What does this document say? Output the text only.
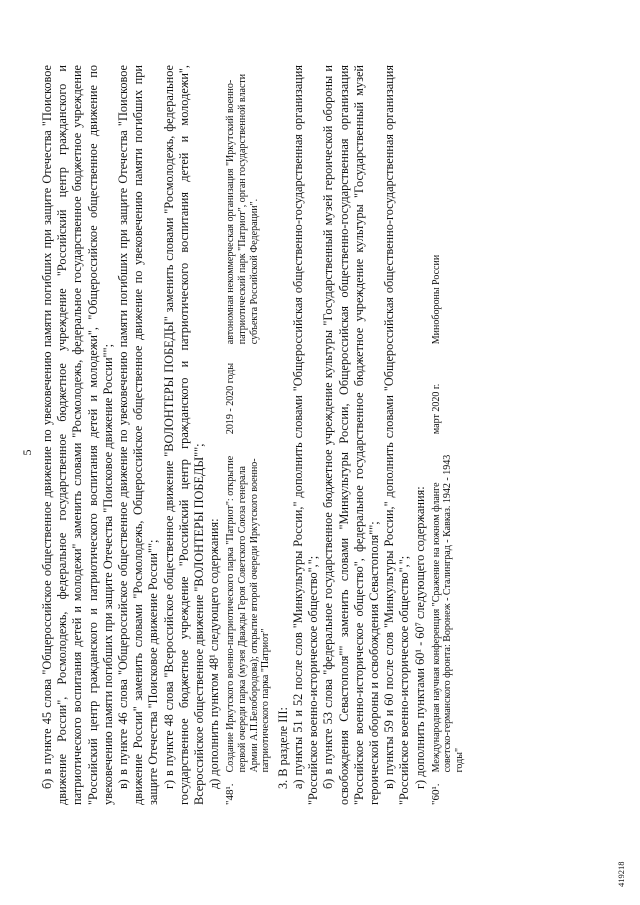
5 б) в пункте 45 слова "Общероссийское общественное движение по увековечению памяти погибших при защите Отечества "Поисковое движение России", Росмолодежь, федеральное государственное бюджетное учреждение "Российский центр гражданского и патриотического воспитания детей и молодежи" заменить словами "Росмолодежь, федеральное государственное бюджетное учреждение "Российский центр гражданского и патриотического воспитания детей и молодежи", "Общероссийское общественное движение по увековечению памяти погибших при защите Отечества "Поисковое движение России""; в) в пункте 46 слова "Общероссийское общественное движение по увековечению памяти погибших при защите Отечества "Поисковое движение России" заменить словами "Росмолодежь, Общероссийское общественное движение по увековечению памяти погибших при защите Отечества "Поисковое движение России""; г) в пункте 48 слова "Всероссийское общественное движение "ВОЛОНТЕРЫ ПОБЕДЫ" заменить словами "Росмолодежь, федеральное государственное бюджетное учреждение "Российский центр гражданского и патриотического воспитания детей и молодежи", Всероссийское общественное движение "ВОЛОНТЕРЫ ПОБЕДЫ""; д) дополнить пунктом 48¹ следующего содержания:

"48¹.	Создание Иркутского военно-патриотического парка "Патриот": открытие первой очереди парка (музея Дважды Героя Советского Союза генерала Армии А.П.Белобородова); открытие второй очереди Иркутского военно-патриотического парка "Патриот"	2019 - 2020 годы	автономная некоммерческая организация "Иркутский военно-патриотический парк "Патриот", орган государственной власти субъекта Российской Федерации".

3. В разделе III: а) пункты 51 и 52 после слов "Минкультуры России," дополнить словами "Общероссийская общественно-государственная организация "Российское военно-историческое общество","; б) в пункте 53 слова "федеральное государственное бюджетное учреждение культуры "Государственный музей героической обороны и освобождения Севастополя"" заменить словами "Минкультуры России, Общероссийская общественно-государственная организация "Российское военно-историческое общество", федеральное государственное бюджетное учреждение культуры "Государственный музей героической обороны и освобождения Севастополя""; в) пункты 59 и 60 после слов "Минкультуры России," дополнить словами "Общероссийская общественно-государственная организация "Российское военно-историческое общество","; г) дополнить пунктами 60¹ - 60⁷ следующего содержания:

"60¹.	Международная научная конференция "Сражение на южном фланге советско-германского фронта: Воронеж - Сталинград - Кавказ. 1942 - 1943 годы"	март 2020 г.	Минобороны России
419218
